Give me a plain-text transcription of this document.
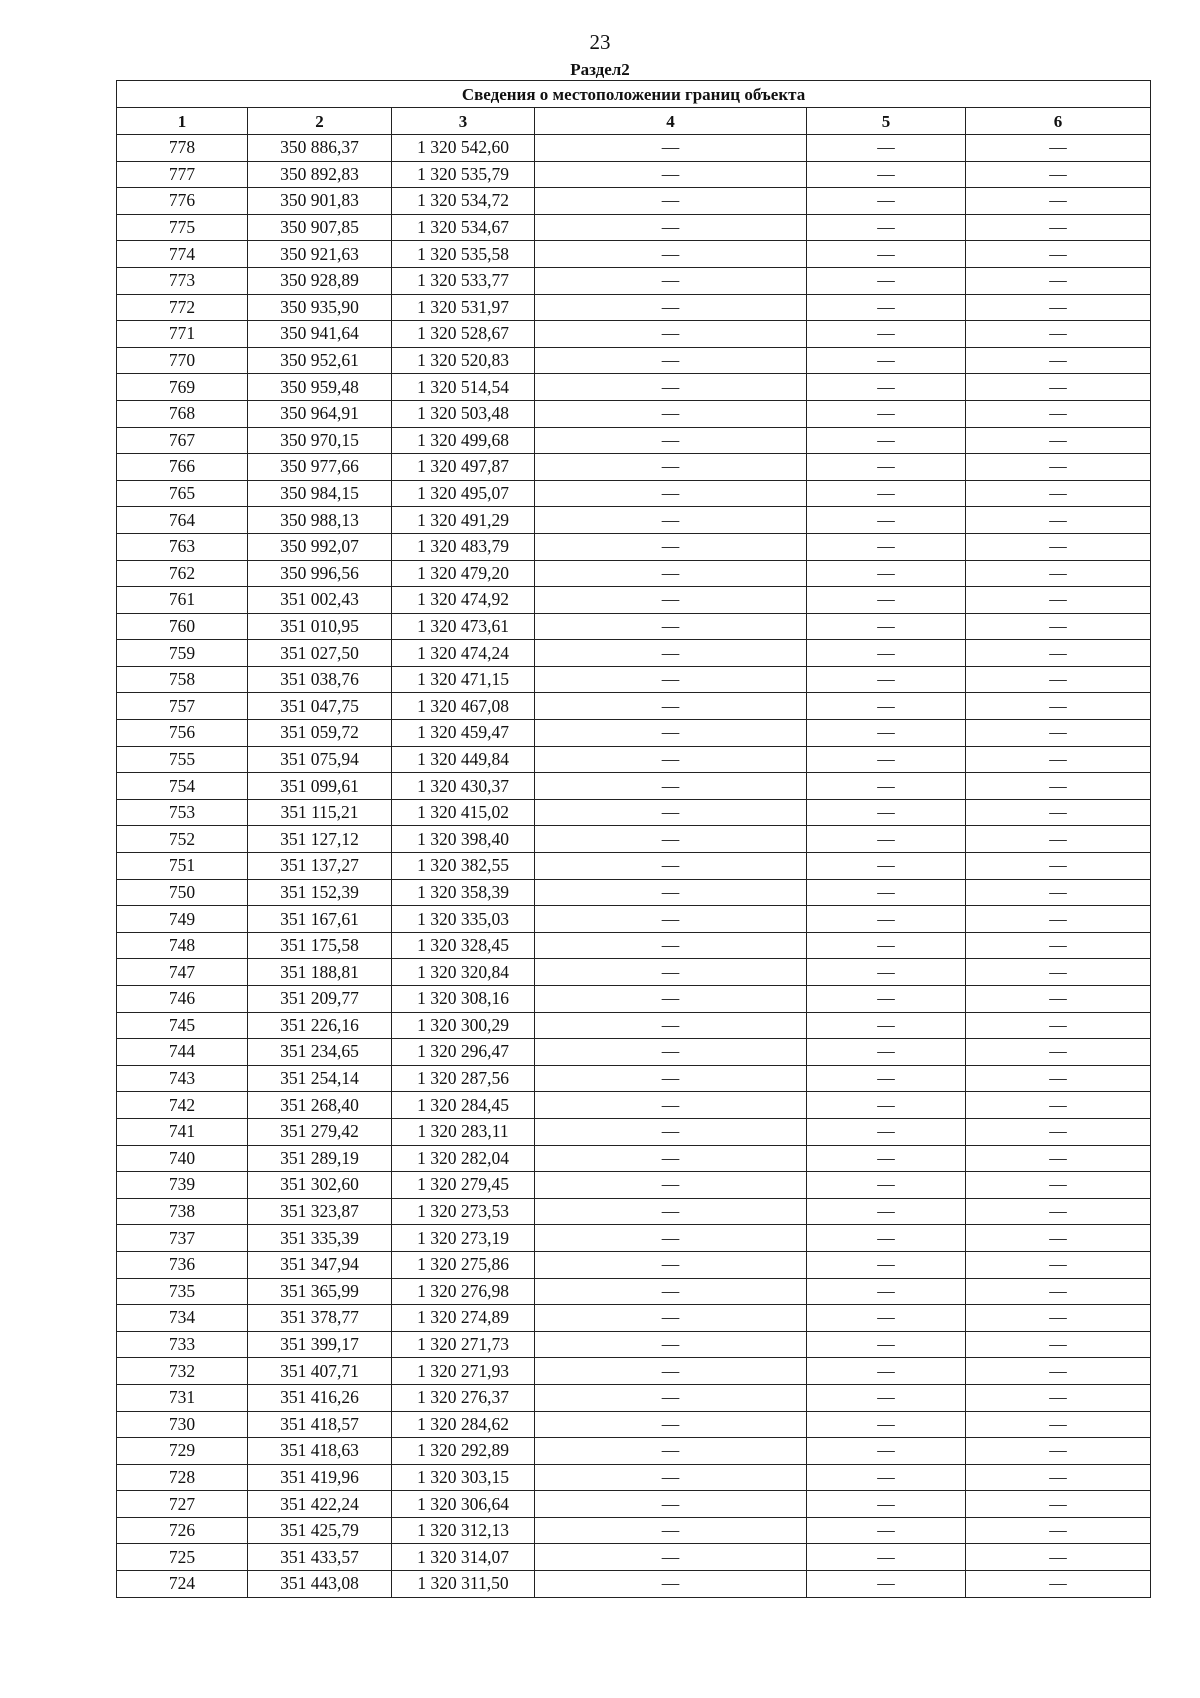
23
Раздел2
Сведения о местоположении границ объекта					
1	2	3	4	5	6
778	350 886,37	1 320 542,60	—	—	—
777	350 892,83	1 320 535,79	—	—	—
776	350 901,83	1 320 534,72	—	—	—
775	350 907,85	1 320 534,67	—	—	—
774	350 921,63	1 320 535,58	—	—	—
773	350 928,89	1 320 533,77	—	—	—
772	350 935,90	1 320 531,97	—	—	—
771	350 941,64	1 320 528,67	—	—	—
770	350 952,61	1 320 520,83	—	—	—
769	350 959,48	1 320 514,54	—	—	—
768	350 964,91	1 320 503,48	—	—	—
767	350 970,15	1 320 499,68	—	—	—
766	350 977,66	1 320 497,87	—	—	—
765	350 984,15	1 320 495,07	—	—	—
764	350 988,13	1 320 491,29	—	—	—
763	350 992,07	1 320 483,79	—	—	—
762	350 996,56	1 320 479,20	—	—	—
761	351 002,43	1 320 474,92	—	—	—
760	351 010,95	1 320 473,61	—	—	—
759	351 027,50	1 320 474,24	—	—	—
758	351 038,76	1 320 471,15	—	—	—
757	351 047,75	1 320 467,08	—	—	—
756	351 059,72	1 320 459,47	—	—	—
755	351 075,94	1 320 449,84	—	—	—
754	351 099,61	1 320 430,37	—	—	—
753	351 115,21	1 320 415,02	—	—	—
752	351 127,12	1 320 398,40	—	—	—
751	351 137,27	1 320 382,55	—	—	—
750	351 152,39	1 320 358,39	—	—	—
749	351 167,61	1 320 335,03	—	—	—
748	351 175,58	1 320 328,45	—	—	—
747	351 188,81	1 320 320,84	—	—	—
746	351 209,77	1 320 308,16	—	—	—
745	351 226,16	1 320 300,29	—	—	—
744	351 234,65	1 320 296,47	—	—	—
743	351 254,14	1 320 287,56	—	—	—
742	351 268,40	1 320 284,45	—	—	—
741	351 279,42	1 320 283,11	—	—	—
740	351 289,19	1 320 282,04	—	—	—
739	351 302,60	1 320 279,45	—	—	—
738	351 323,87	1 320 273,53	—	—	—
737	351 335,39	1 320 273,19	—	—	—
736	351 347,94	1 320 275,86	—	—	—
735	351 365,99	1 320 276,98	—	—	—
734	351 378,77	1 320 274,89	—	—	—
733	351 399,17	1 320 271,73	—	—	—
732	351 407,71	1 320 271,93	—	—	—
731	351 416,26	1 320 276,37	—	—	—
730	351 418,57	1 320 284,62	—	—	—
729	351 418,63	1 320 292,89	—	—	—
728	351 419,96	1 320 303,15	—	—	—
727	351 422,24	1 320 306,64	—	—	—
726	351 425,79	1 320 312,13	—	—	—
725	351 433,57	1 320 314,07	—	—	—
724	351 443,08	1 320 311,50	—	—	—
